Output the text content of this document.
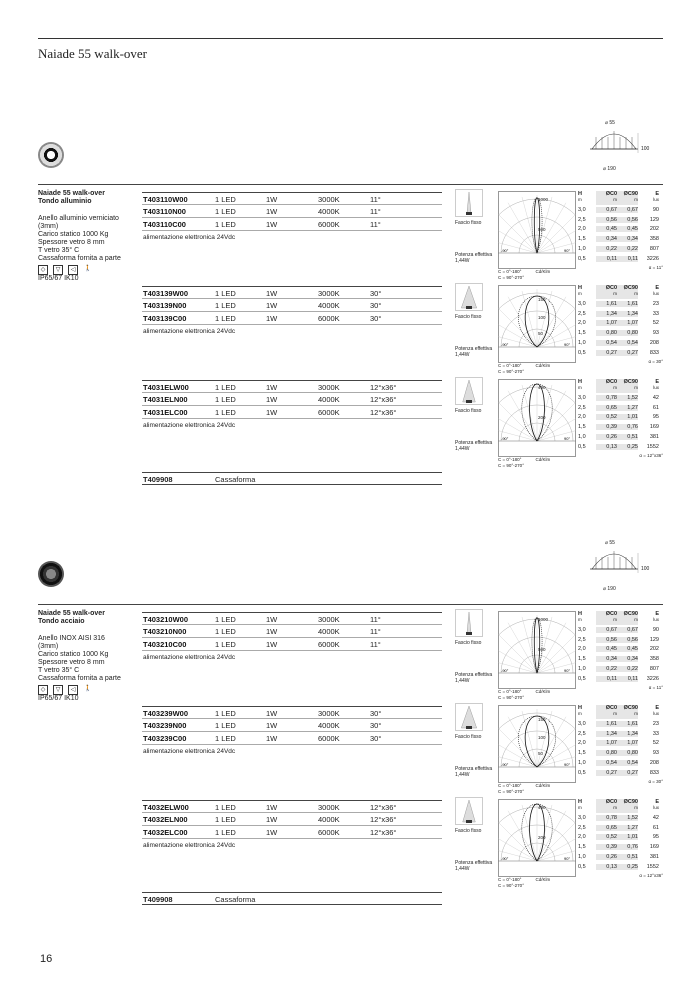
Naiade 55 walk-over
⌀ 55
100
⌀ 190
Naiade 55 walk-over
Tondo alluminio
Anello alluminio verniciato
(3mm)
Carico statico 1000 Kg
Spessore vetro 8 mm
T vetro 35° C
Cassaforma fornita a parte
IP65/67 IK10
◇	▽	◁	🚶
T403110W00	1 LED	1W	3000K	11°
T403110N00	1 LED	1W	4000K	11°
T403110C00	1 LED	1W	6000K	11°
alimentazione elettronica 24Vdc
Fascio fisso
Potenza effettiva
1,44W
1000
500
-90°	90°
C = 0°-180°	Cd/Klm
C = 90°-270°
H	ØC0	ØC90	E
m	m	m	lux
3,0	0,67	0,67	90
2,5	0,56	0,56	129
2,0	0,45	0,45	202
1,5	0,34	0,34	358
1,0	0,22	0,22	807
0,5	0,11	0,11	3226
α = 11°
T403139W00	1 LED	1W	3000K	30°
T403139N00	1 LED	1W	4000K	30°
T403139C00	1 LED	1W	6000K	30°
alimentazione elettronica 24Vdc
Fascio fisso
Potenza effettiva
1,44W
150
100
50
-90°	90°
C = 0°-180°	Cd/Klm
C = 90°-270°
H	ØC0	ØC90	E
m	m	m	lux
3,0	1,61	1,61	23
2,5	1,34	1,34	33
2,0	1,07	1,07	52
1,5	0,80	0,80	93
1,0	0,54	0,54	208
0,5	0,27	0,27	833
α = 30°
T4031ELW00	1 LED	1W	3000K	12°x36°
T4031ELN00	1 LED	1W	4000K	12°x36°
T4031ELC00	1 LED	1W	6000K	12°x36°
alimentazione elettronica 24Vdc
Fascio fisso
Potenza effettiva
1,44W
400
200
-90°	90°
C = 0°-180°	Cd/Klm
C = 90°-270°
H	ØC0	ØC90	E
m	m	m	lux
3,0	0,78	1,52	42
2,5	0,65	1,27	61
2,0	0,52	1,01	95
1,5	0,39	0,76	169
1,0	0,26	0,51	381
0,5	0,13	0,25	1552
α = 12°x36°
T409908	Cassaforma
⌀ 55
100
⌀ 190
Naiade 55 walk-over
Tondo acciaio
Anello INOX AISI 316
(3mm)
Carico statico 1000 Kg
Spessore vetro 8 mm
T vetro 35° C
Cassaforma fornita a parte
IP65/67 IK10
◇	▽	◁	🚶
T403210W00	1 LED	1W	3000K	11°
T403210N00	1 LED	1W	4000K	11°
T403210C00	1 LED	1W	6000K	11°
alimentazione elettronica 24Vdc
Fascio fisso
Potenza effettiva
1,44W
1000
500
-90°	90°
C = 0°-180°	Cd/Klm
C = 90°-270°
H	ØC0	ØC90	E
m	m	m	lux
3,0	0,67	0,67	90
2,5	0,56	0,56	129
2,0	0,45	0,45	202
1,5	0,34	0,34	358
1,0	0,22	0,22	807
0,5	0,11	0,11	3226
α = 11°
T403239W00	1 LED	1W	3000K	30°
T403239N00	1 LED	1W	4000K	30°
T403239C00	1 LED	1W	6000K	30°
alimentazione elettronica 24Vdc
Fascio fisso
Potenza effettiva
1,44W
150
100
50
-90°	90°
C = 0°-180°	Cd/Klm
C = 90°-270°
H	ØC0	ØC90	E
m	m	m	lux
3,0	1,61	1,61	23
2,5	1,34	1,34	33
2,0	1,07	1,07	52
1,5	0,80	0,80	93
1,0	0,54	0,54	208
0,5	0,27	0,27	833
α = 30°
T4032ELW00	1 LED	1W	3000K	12°x36°
T4032ELN00	1 LED	1W	4000K	12°x36°
T4032ELC00	1 LED	1W	6000K	12°x36°
alimentazione elettronica 24Vdc
Fascio fisso
Potenza effettiva
1,44W
400
200
-90°	90°
C = 0°-180°	Cd/Klm
C = 90°-270°
H	ØC0	ØC90	E
m	m	m	lux
3,0	0,78	1,52	42
2,5	0,65	1,27	61
2,0	0,52	1,01	95
1,5	0,39	0,76	169
1,0	0,26	0,51	381
0,5	0,13	0,25	1552
α = 12°x36°
T409908	Cassaforma
16
